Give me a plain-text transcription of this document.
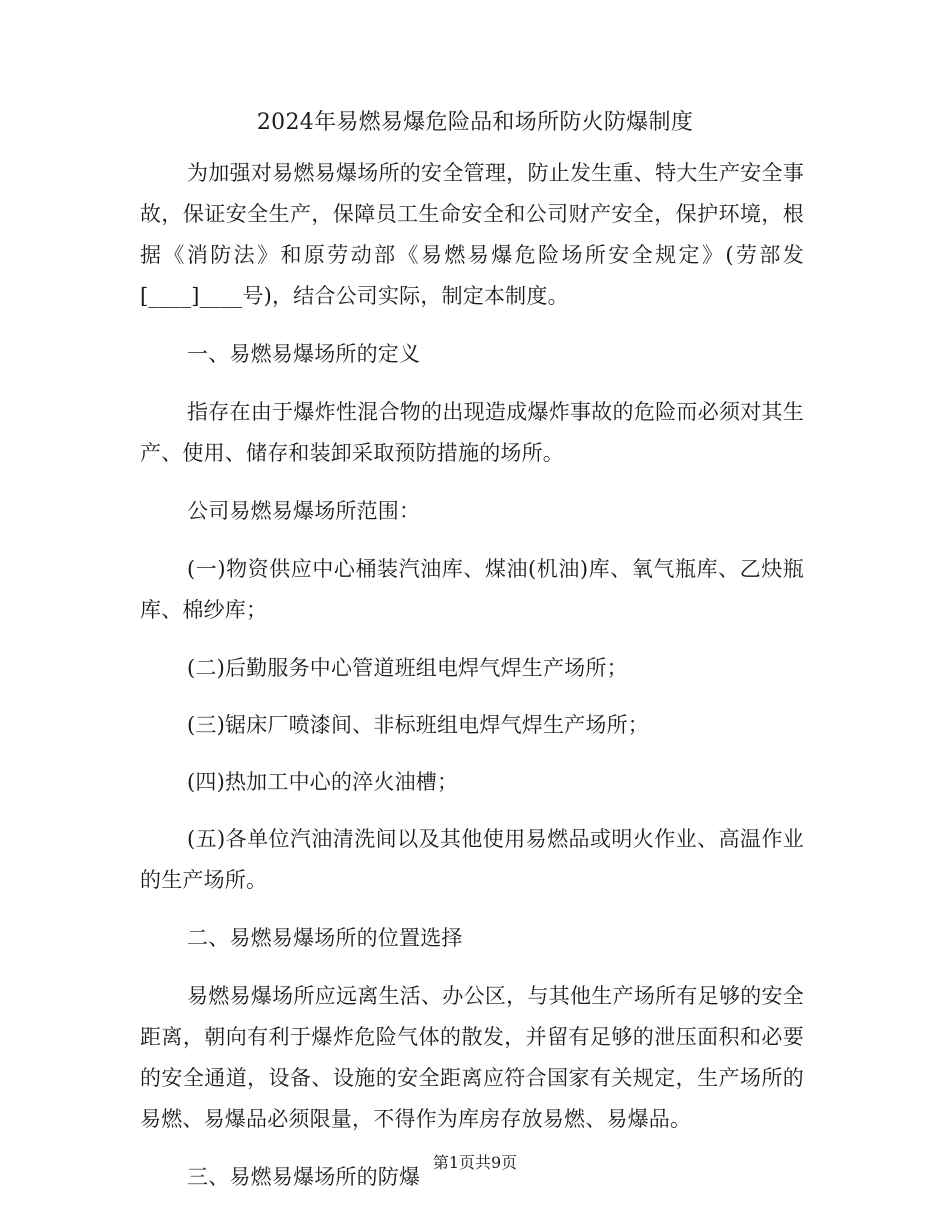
2024年易燃易爆危险品和场所防火防爆制度

为加强对易燃易爆场所的安全管理，防止发生重、特大生产安全事故，保证安全生产，保障员工生命安全和公司财产安全，保护环境，根据《消防法》和原劳动部《易燃易爆危险场所安全规定》(劳部发[____]____号)，结合公司实际，制定本制度。

一、易燃易爆场所的定义

指存在由于爆炸性混合物的出现造成爆炸事故的危险而必须对其生产、使用、储存和装卸采取预防措施的场所。

公司易燃易爆场所范围：

(一)物资供应中心桶装汽油库、煤油(机油)库、氧气瓶库、乙炔瓶库、棉纱库；

(二)后勤服务中心管道班组电焊气焊生产场所；

(三)锯床厂喷漆间、非标班组电焊气焊生产场所；

(四)热加工中心的淬火油槽；

(五)各单位汽油清洗间以及其他使用易燃品或明火作业、高温作业的生产场所。

二、易燃易爆场所的位置选择

易燃易爆场所应远离生活、办公区，与其他生产场所有足够的安全距离，朝向有利于爆炸危险气体的散发，并留有足够的泄压面积和必要的安全通道，设备、设施的安全距离应符合国家有关规定，生产场所的易燃、易爆品必须限量，不得作为库房存放易燃、易爆品。

三、易燃易爆场所的防爆

第1页共9页
